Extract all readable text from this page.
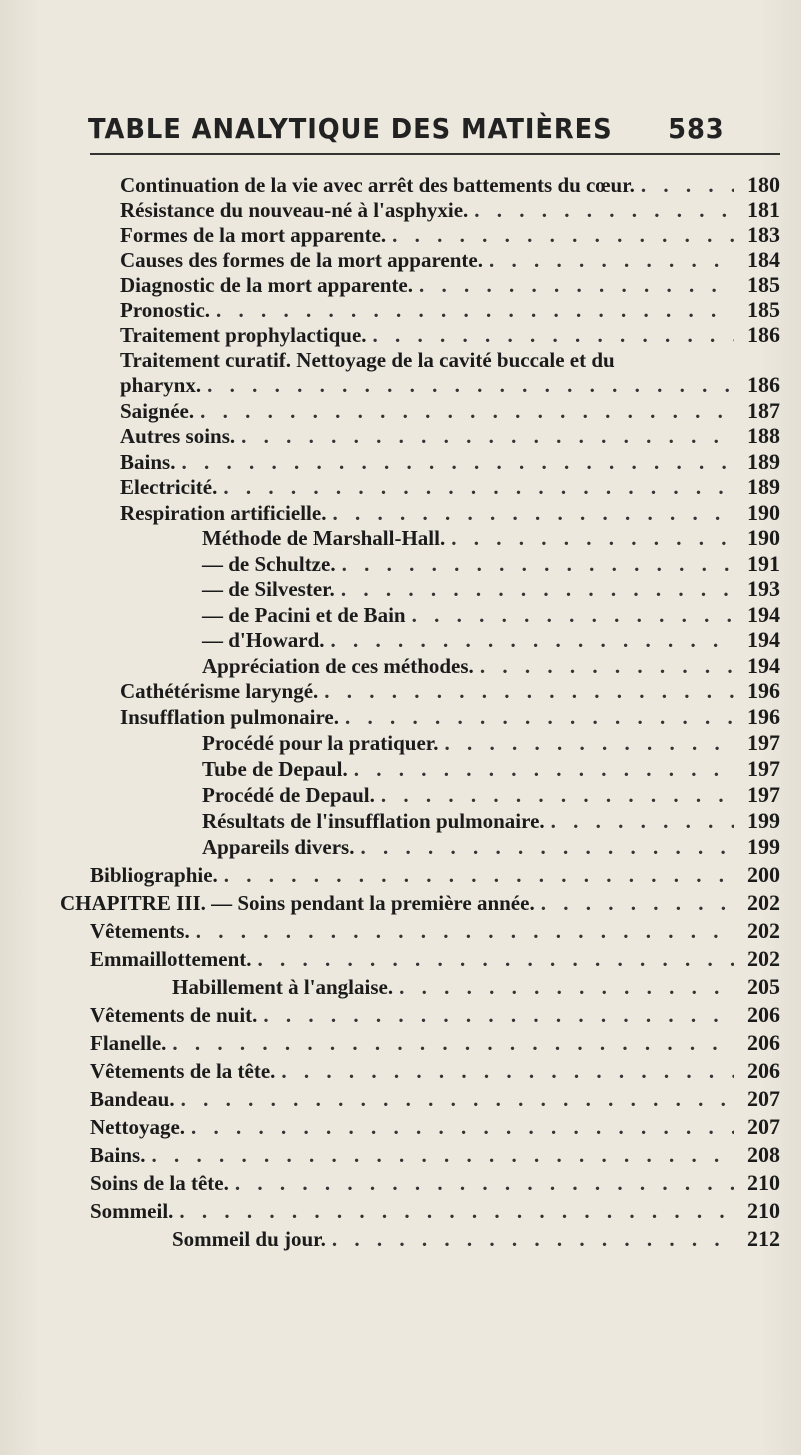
TABLE ANALYTIQUE DES MATIÈRES 583
Continuation de la vie avec arrêt des battements du cœur. . . .	180
Résistance du nouveau-né à l'asphyxie. . . .	181
Formes de la mort apparente. . . .	183
Causes des formes de la mort apparente. . . .	184
Diagnostic de la mort apparente. . . .	185
Pronostic. . . .	185
Traitement prophylactique. . . .	186
Traitement curatif. Nettoyage de la cavité buccale et du
pharynx. . . .	186
Saignée. . . .	187
Autres soins. . . .	188
Bains. . . .	189
Electricité. . . .	189
Respiration artificielle. . . .	190
Méthode de Marshall-Hall. . . .	190
— de Schultze. . . .	191
— de Silvester. . . .	193
— de Pacini et de Bain . . .	194
— d'Howard. . . .	194
Appréciation de ces méthodes. . . .	194
Cathétérisme laryngé. . . .	196
Insufflation pulmonaire. . . .	196
Procédé pour la pratiquer. . . .	197
Tube de Depaul. . . .	197
Procédé de Depaul. . . .	197
Résultats de l'insufflation pulmonaire. . . .	199
Appareils divers. . . .	199
Bibliographie. . . .	200
CHAPITRE III. — Soins pendant la première année. . . .	202
Vêtements. . . .	202
Emmaillottement. . . .	202
Habillement à l'anglaise. . . .	205
Vêtements de nuit. . . .	206
Flanelle. . . .	206
Vêtements de la tête. . . .	206
Bandeau. . . .	207
Nettoyage. . . .	207
Bains. . . .	208
Soins de la tête. . . .	210
Sommeil. . . .	210
Sommeil du jour. . . .	212
